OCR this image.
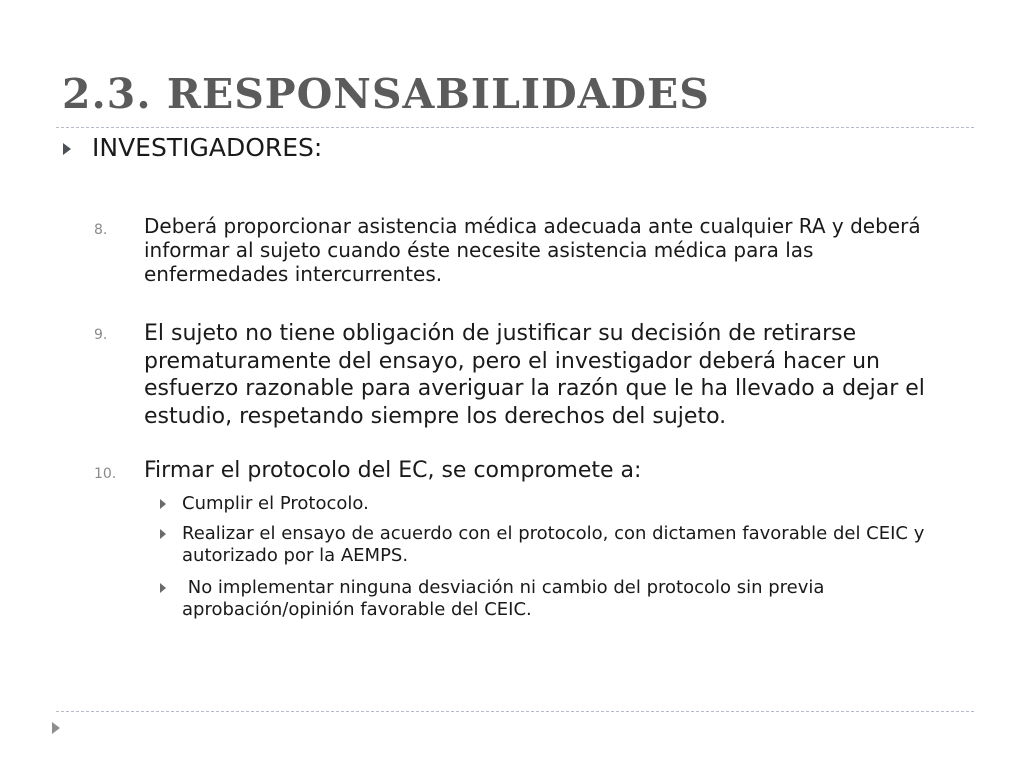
2.3. RESPONSABILIDADES
INVESTIGADORES:
8. Deberá proporcionar asistencia médica adecuada ante cualquier RA y deberá informar al sujeto cuando éste necesite asistencia médica para las enfermedades intercurrentes.

9. El sujeto no tiene obligación de justificar su decisión de retirarse prematuramente del ensayo, pero el investigador deberá hacer un esfuerzo razonable para averiguar la razón que le ha llevado a dejar el estudio, respetando siempre los derechos del sujeto.

10. Firmar el protocolo del EC, se compromete a:

Cumplir el Protocolo.

Realizar el ensayo de acuerdo con el protocolo, con dictamen favorable del CEIC y autorizado por la AEMPS.

No implementar ninguna desviación ni cambio del protocolo sin previa aprobación/opinión favorable del CEIC.
